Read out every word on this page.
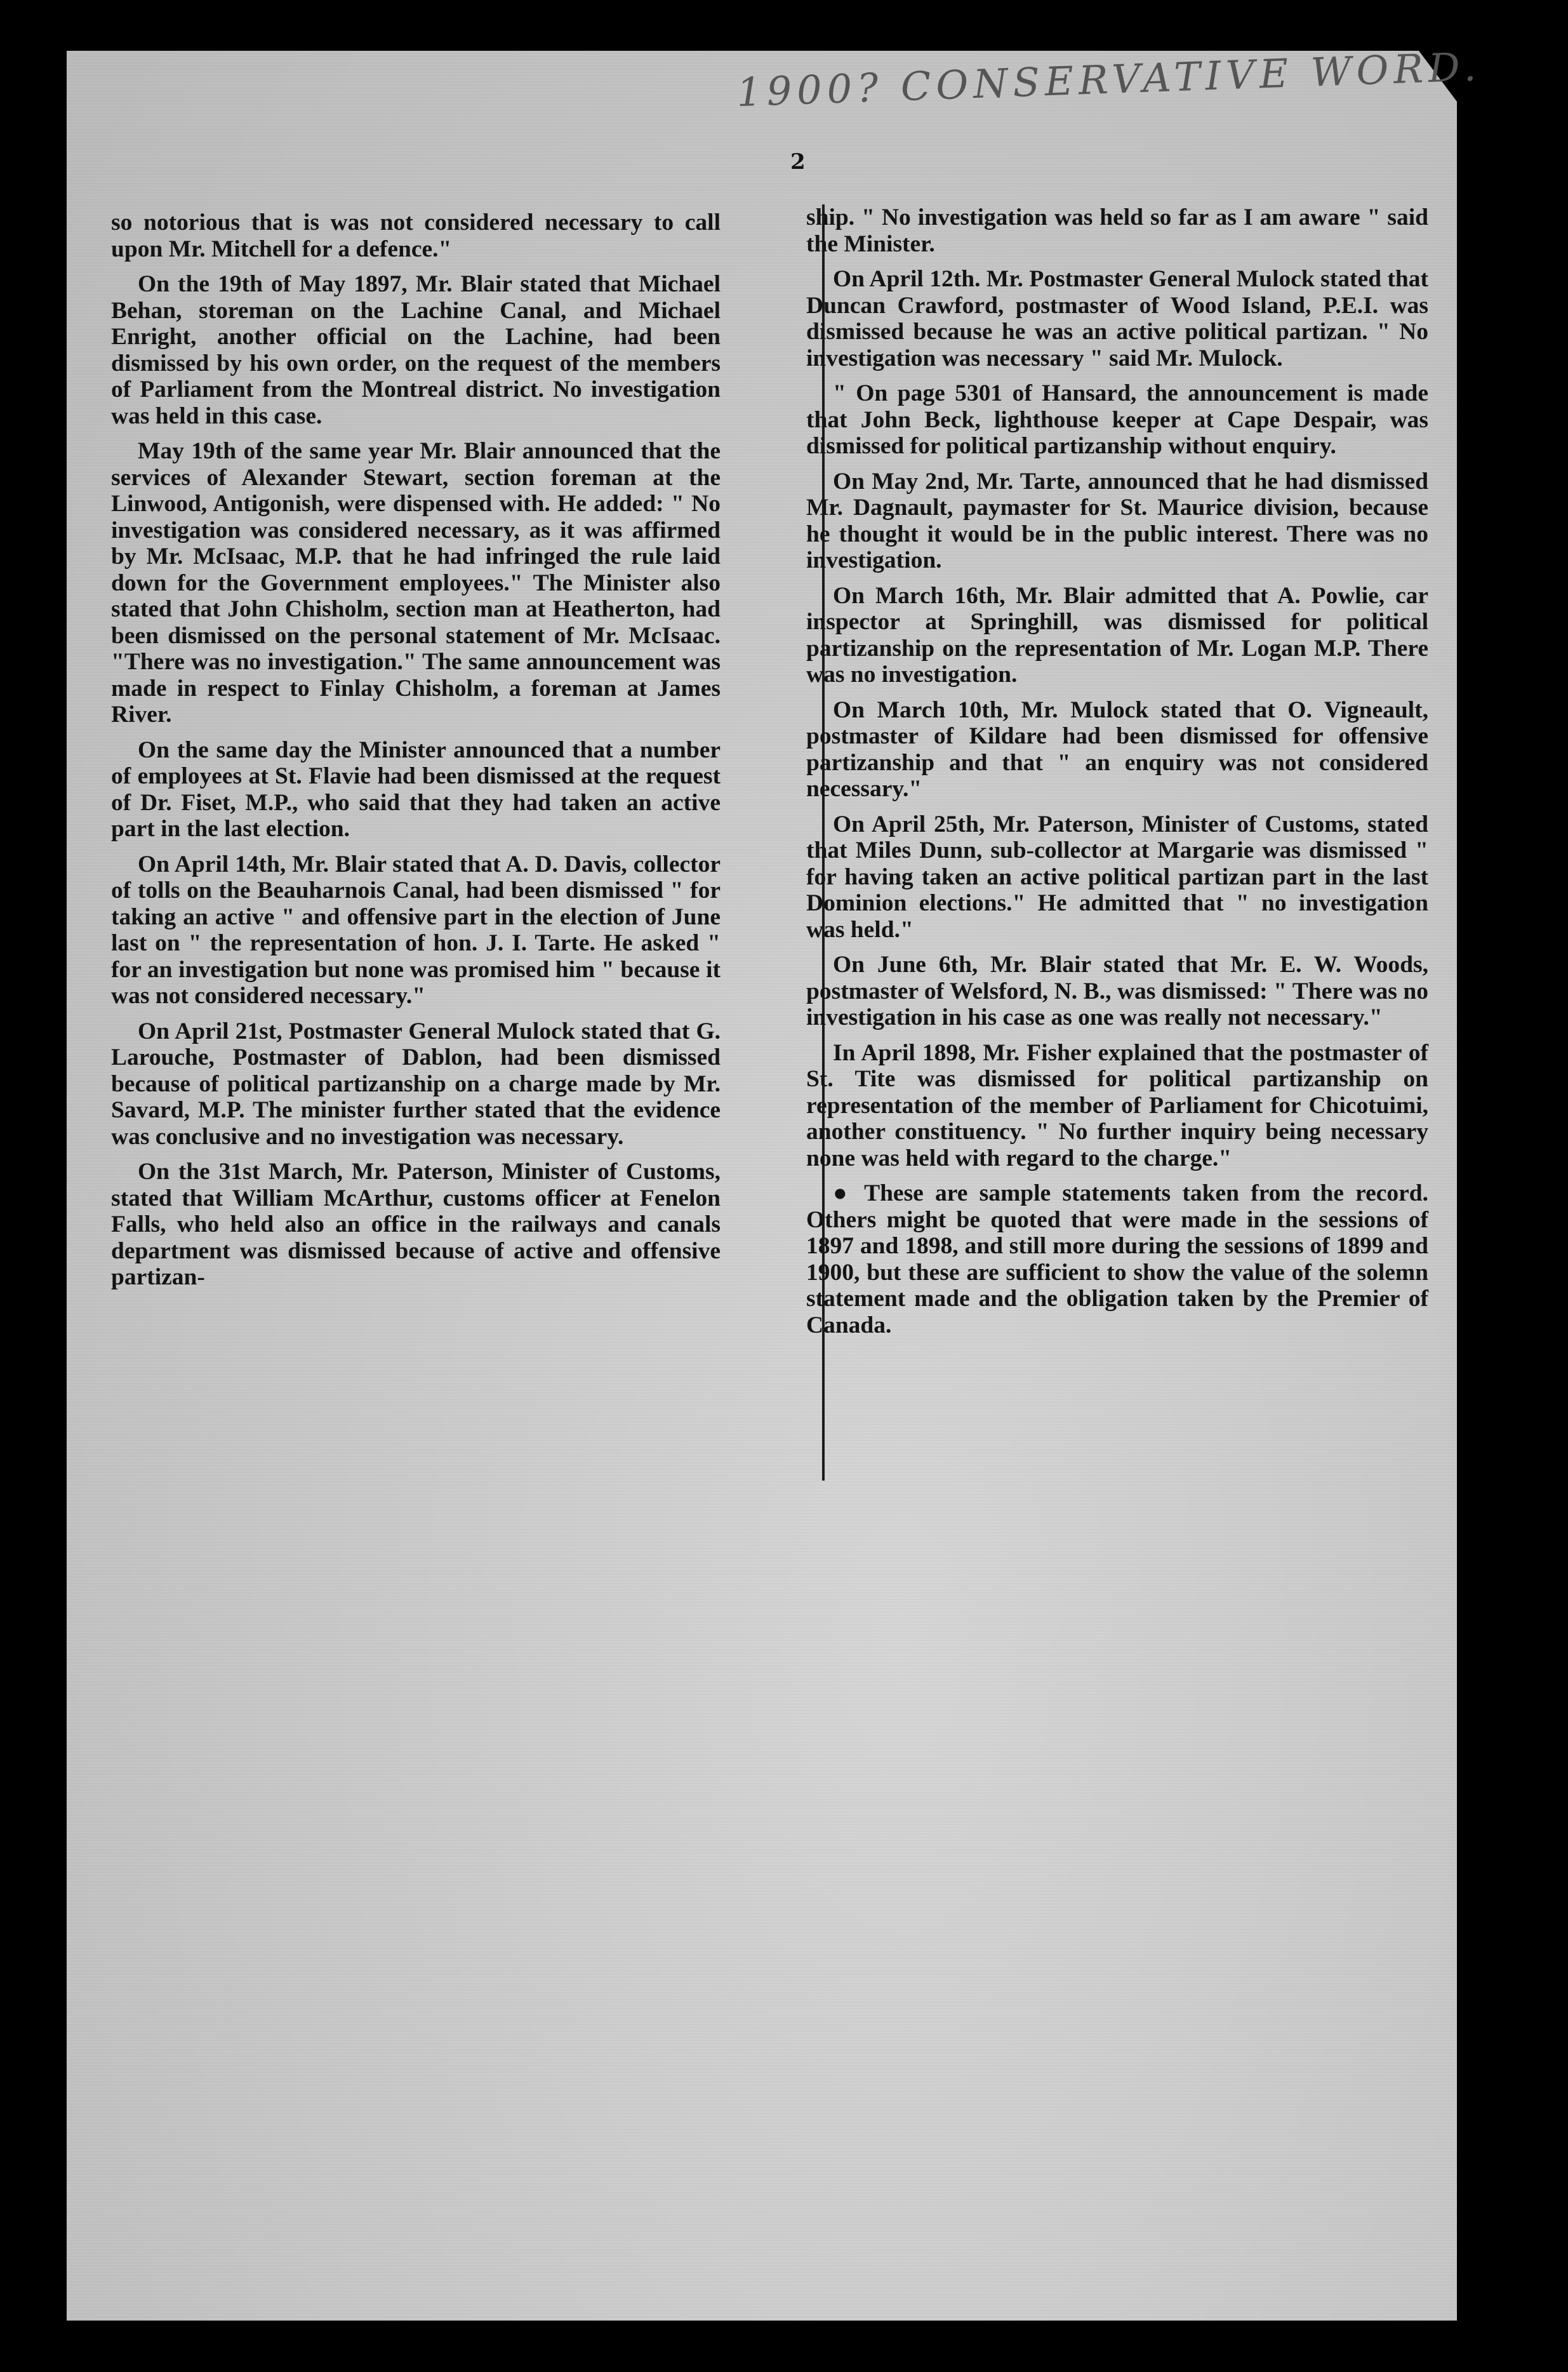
1900? CONSERVATIVE WORD.
2

so notorious that is was not considered necessary to call upon Mr. Mitchell for a defence."

On the 19th of May 1897, Mr. Blair stated that Michael Behan, storeman on the Lachine Canal, and Michael Enright, another official on the Lachine, had been dismissed by his own order, on the request of the members of Parliament from the Montreal district. No investigation was held in this case.

May 19th of the same year Mr. Blair announced that the services of Alexander Stewart, section foreman at the Linwood, Antigonish, were dispensed with. He added: " No investigation was considered necessary, as it was affirmed by Mr. McIsaac, M.P. that he had infringed the rule laid down for the Government employees." The Minister also stated that John Chisholm, section man at Heatherton, had been dismissed on the personal statement of Mr. McIsaac. "There was no investigation." The same announcement was made in respect to Finlay Chisholm, a foreman at James River.

On the same day the Minister announced that a number of employees at St. Flavie had been dismissed at the request of Dr. Fiset, M.P., who said that they had taken an active part in the last election.

On April 14th, Mr. Blair stated that A. D. Davis, collector of tolls on the Beauharnois Canal, had been dismissed " for taking an active " and offensive part in the election of June last on " the representation of hon. J. I. Tarte. He asked " for an investigation but none was promised him " because it was not considered necessary."

On April 21st, Postmaster General Mulock stated that G. Larouche, Postmaster of Dablon, had been dismissed because of political partizanship on a charge made by Mr. Savard, M.P. The minister further stated that the evidence was conclusive and no investigation was necessary.

On the 31st March, Mr. Paterson, Minister of Customs, stated that William McArthur, customs officer at Fenelon Falls, who held also an office in the railways and canals department was dismissed because of active and offensive partizan-

ship. " No investigation was held so far as I am aware " said the Minister.

On April 12th. Mr. Postmaster General Mulock stated that Duncan Crawford, postmaster of Wood Island, P.E.I. was dismissed because he was an active political partizan. " No investigation was necessary " said Mr. Mulock.

" On page 5301 of Hansard, the announcement is made that John Beck, lighthouse keeper at Cape Despair, was dismissed for political partizanship without enquiry.

On May 2nd, Mr. Tarte, announced that he had dismissed Mr. Dagnault, paymaster for St. Maurice division, because he thought it would be in the public interest. There was no investigation.

On March 16th, Mr. Blair admitted that A. Powlie, car inspector at Springhill, was dismissed for political partizanship on the representation of Mr. Logan M.P. There was no investigation.

On March 10th, Mr. Mulock stated that O. Vigneault, postmaster of Kildare had been dismissed for offensive partizanship and that " an enquiry was not considered necessary."

On April 25th, Mr. Paterson, Minister of Customs, stated that Miles Dunn, sub-collector at Margarie was dismissed " for having taken an active political partizan part in the last Dominion elections." He admitted that " no investigation was held."

On June 6th, Mr. Blair stated that Mr. E. W. Woods, postmaster of Welsford, N. B., was dismissed: " There was no investigation in his case as one was really not necessary."

In April 1898, Mr. Fisher explained that the postmaster of St. Tite was dismissed for political partizanship on representation of the member of Parliament for Chicotuimi, another constituency. " No further inquiry being necessary none was held with regard to the charge."

● These are sample statements taken from the record. Others might be quoted that were made in the sessions of 1897 and 1898, and still more during the sessions of 1899 and 1900, but these are sufficient to show the value of the solemn statement made and the obligation taken by the Premier of Canada.
